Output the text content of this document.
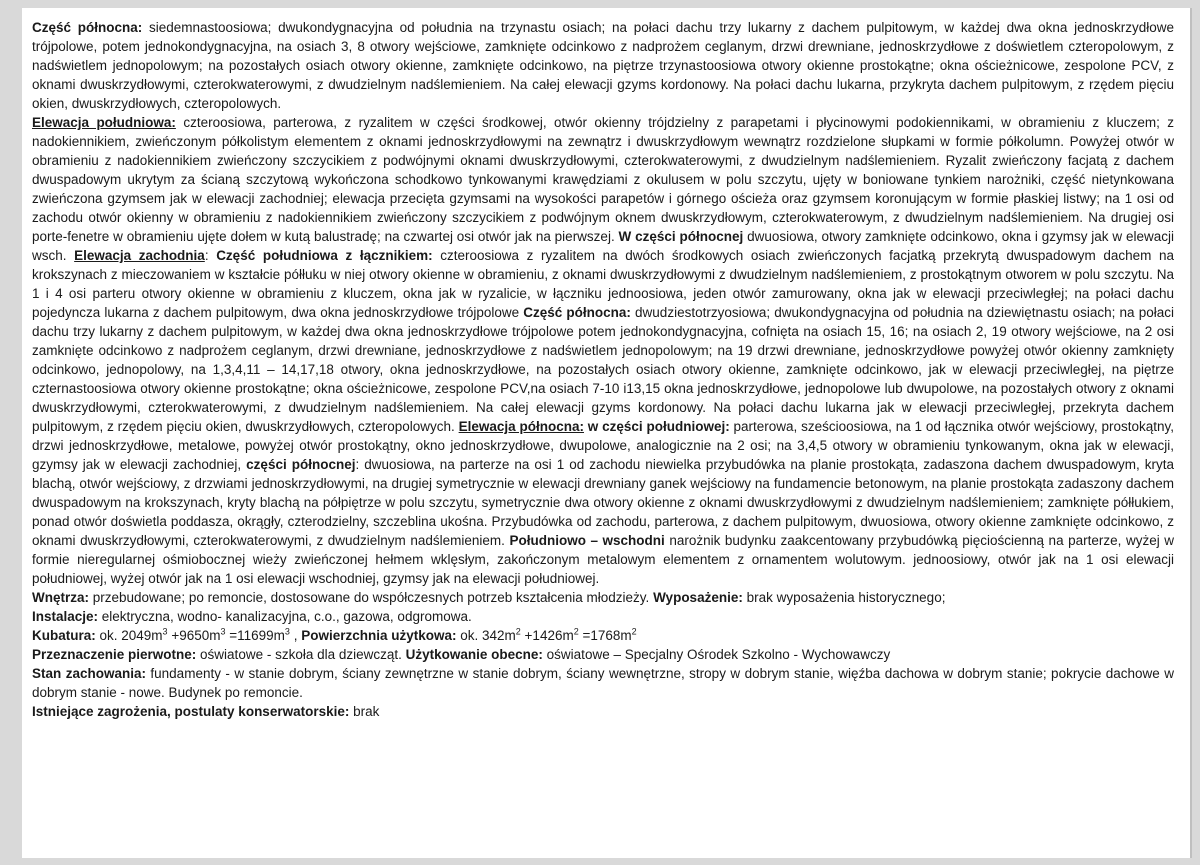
Część północna: siedemnastoosiowa; dwukondygnacyjna od południa na trzynastu osiach; na połaci dachu trzy lukarny z dachem pulpitowym, w każdej dwa okna jednoskrzydłowe trójpolowe, potem jednokondygnacyjna, na osiach 3, 8 otwory wejściowe, zamknięte odcinkowo z nadprożem ceglanym, drzwi drewniane, jednoskrzydłowe z doświetlem czteropolowym, z nadświetlem jednopolowym; na pozostałych osiach otwory okienne, zamknięte odcinkowo, na piętrze trzynastoosiowa otwory okienne prostokątne; okna ościeżnicowe, zespolone PCV, z oknami dwuskrzydłowymi, czterokwaterowymi, z dwudzielnym nadślemieniem. Na całej elewacji gzyms kordonowy. Na połaci dachu lukarna, przykryta dachem pulpitowym, z rzędem pięciu okien, dwuskrzydłowych, czteropolowych.
Elewacja południowa: czteroosiowa, parterowa, z ryzalitem w części środkowej, otwór okienny trójdzielny z parapetami i płycinowymi podokiennikami, w obramieniu z kluczem; z nadokiennikiem, zwieńczonym półkolistym elementem z oknami jednoskrzydłowymi na zewnątrz i dwuskrzydłowym wewnątrz rozdzielone słupkami w formie półkolumn. Powyżej otwór w obramieniu z nadokiennikiem zwieńczony szczycikiem z podwójnymi oknami dwuskrzydłowymi, czterokwaterowymi, z dwudzielnym nadślemieniem. Ryzalit zwieńczony facjatą z dachem dwuspadowym ukrytym za ścianą szczytową wykończona schodkowo tynkowanymi krawędziami z okulusem w polu szczytu, ujęty w boniowane tynkiem narożniki, część nietynkowana zwieńczona gzymsem jak w elewacji zachodniej; elewacja przecięta gzymsami na wysokości parapetów i górnego ościeża oraz gzymsem koronującym w formie płaskiej listwy; na 1 osi od zachodu otwór okienny w obramieniu z nadokiennikiem zwieńczony szczycikiem z podwójnym oknem dwuskrzydłowym, czterokwaterowym, z dwudzielnym nadślemieniem. Na drugiej osi porte-fenetre w obramieniu ujęte dołem w kutą balustradę; na czwartej osi otwór jak na pierwszej. W części północnej dwuosiowa, otwory zamknięte odcinkowo, okna i gzymsy jak w elewacji wsch. Elewacja zachodnia: Część południowa z łącznikiem: czteroosiowa z ryzalitem na dwóch środkowych osiach zwieńczonych facjatką przekrytą dwuspadowym dachem na krokszynach z mieczowaniem w kształcie półłuku w niej otwory okienne w obramieniu, z oknami dwuskrzydłowymi z dwudzielnym nadślemieniem, z prostokątnym otworem w polu szczytu. Na 1 i 4 osi parteru otwory okienne w obramieniu z kluczem, okna jak w ryzalicie, w łączniku jednoosiowa, jeden otwór zamurowany, okna jak w elewacji przeciwległej; na połaci dachu pojedyncza lukarna z dachem pulpitowym, dwa okna jednoskrzydłowe trójpolowe Część północna: dwudziestotrzyosiowa; dwukondygnacyjna od południa na dziewiętnastu osiach; na połaci dachu trzy lukarny z dachem pulpitowym, w każdej dwa okna jednoskrzydłowe trójpolowe potem jednokondygnacyjna, cofnięta na osiach 15, 16; na osiach 2, 19 otwory wejściowe, na 2 osi zamknięte odcinkowo z nadprożem ceglanym, drzwi drewniane, jednoskrzydłowe z nadświetlem jednopolowym; na 19 drzwi drewniane, jednoskrzydłowe powyżej otwór okienny zamknięty odcinkowo, jednopolowy, na 1,3,4,11 – 14,17,18 otwory, okna jednoskrzydłowe, na pozostałych osiach otwory okienne, zamknięte odcinkowo, jak w elewacji przeciwległej, na piętrze czternastoosiowa otwory okienne prostokątne; okna ościeżnicowe, zespolone PCV,na osiach 7-10 i13,15 okna jednoskrzydłowe, jednopolowe lub dwupolowe, na pozostałych otwory z oknami dwuskrzydłowymi, czterokwaterowymi, z dwudzielnym nadślemieniem. Na całej elewacji gzyms kordonowy. Na połaci dachu lukarna jak w elewacji przeciwległej, przekryta dachem pulpitowym, z rzędem pięciu okien, dwuskrzydłowych, czteropolowych. Elewacja północna: w części południowej: parterowa, sześcioosiowa, na 1 od łącznika otwór wejściowy, prostokątny, drzwi jednoskrzydłowe, metalowe, powyżej otwór prostokątny, okno jednoskrzydłowe, dwupolowe, analogicznie na 2 osi; na 3,4,5 otwory w obramieniu tynkowanym, okna jak w elewacji, gzymsy jak w elewacji zachodniej, części północnej: dwuosiowa, na parterze na osi 1 od zachodu niewielka przybudówka na planie prostokąta, zadaszona dachem dwuspadowym, kryta blachą, otwór wejściowy, z drzwiami jednoskrzydłowymi, na drugiej symetrycznie w elewacji drewniany ganek wejściowy na fundamencie betonowym, na planie prostokąta zadaszony dachem dwuspadowym na krokszynach, kryty blachą na półpiętrze w polu szczytu, symetrycznie dwa otwory okienne z oknami dwuskrzydłowymi z dwudzielnym nadślemieniem; zamknięte półłukiem, ponad otwór doświetla poddasza, okrągły, czterodzielny, szczeblina ukośna. Przybudówka od zachodu, parterowa, z dachem pulpitowym, dwuosiowa, otwory okienne zamknięte odcinkowo, z oknami dwuskrzydłowymi, czterokwaterowymi, z dwudzielnym nadślemieniem. Południowo – wschodni narożnik budynku zaakcentowany przybudówką pięciościenną na parterze, wyżej w formie nieregularnej ośmiobocznej wieży zwieńczonej hełmem wklęsłym, zakończonym metalowym elementem z ornamentem wolutowym. jednoosiowy, otwór jak na 1 osi elewacji południowej, wyżej otwór jak na 1 osi elewacji wschodniej, gzymsy jak na elewacji południowej.

Wnętrza: przebudowane; po remoncie, dostosowane do współczesnych potrzeb kształcenia młodzieży. Wyposażenie: brak wyposażenia historycznego;

Instalacje: elektryczna, wodno- kanalizacyjna, c.o., gazowa, odgromowa.

Kubatura: ok. $2049m^3 +9650m^3 =11699m^3$ , Powierzchnia użytkowa: ok. $342m^2 +1426m^2 =1768m^2$

Przeznaczenie pierwotne: oświatowe - szkoła dla dziewcząt. Użytkowanie obecne: oświatowe – Specjalny Ośrodek Szkolno - Wychowawczy

Stan zachowania: fundamenty - w stanie dobrym, ściany zewnętrzne w stanie dobrym, ściany wewnętrzne, stropy w dobrym stanie, więźba dachowa w dobrym stanie; pokrycie dachowe w dobrym stanie - nowe. Budynek po remoncie.

Istniejące zagrożenia, postulaty konserwatorskie: brak
